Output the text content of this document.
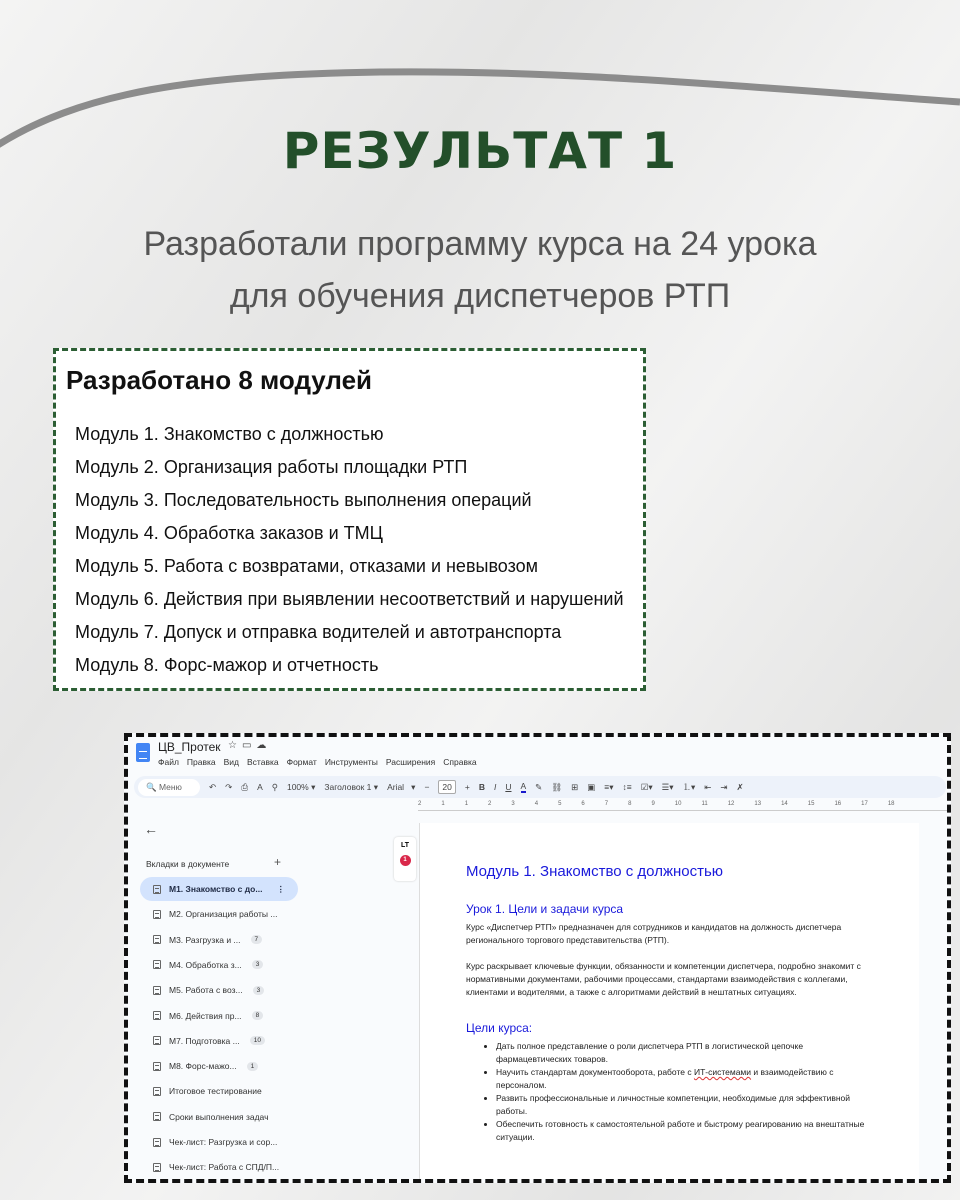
РЕЗУЛЬТАТ 1
Разработали программу курса на 24 урока
для обучения диспетчеров РТП
Разработано 8 модулей
Модуль 1. Знакомство с должностью
Модуль 2. Организация работы площадки РТП
Модуль 3. Последовательность выполнения операций
Модуль 4. Обработка заказов и ТМЦ
Модуль 5. Работа с возвратами, отказами и невывозом
Модуль 6. Действия при выявлении несоответствий и нарушений
Модуль 7. Допуск и отправка водителей и автотранспорта
Модуль 8. Форс-мажор и отчетность
ЦВ_Протек ☆▭☁
Файл Правка Вид Вставка Формат Инструменты Расширения Справка
🔍 Меню	↶ ↷ ⎙ A ⚲ 100% ▾ Заголовок 1 ▾ Arial   ▾ −	20	+ B I U A ✎ ⛓ ⊞ ▣ ≡▾ ↕≡ ☑▾ ☰▾ ⒈▾ ⇤ ⇥ ✗
2	1	1	2	3	4	5	6	7	8	9	10	11	12	13	14	15	16	17	18
←
Вкладки в документе	+
M1. Знакомство с до... ⋮
M2. Организация работы ...
M3. Разгрузка и ...	7
M4. Обработка з...	3
M5. Работа с воз...	3
M6. Действия пр...	8
M7. Подготовка ...	10
M8. Форс-мажо...	1
Итоговое тестирование
Сроки выполнения задач
Чек-лист: Разгрузка и сор...
Чек-лист: Работа с СПД/П...
LT
1
Модуль 1. Знакомство с должностью
Урок 1. Цели и задачи курса

Курс «Диспетчер РТП» предназначен для сотрудников и кандидатов на должность диспетчера регионального торгового представительства (РТП).

Курс раскрывает ключевые функции, обязанности и компетенции диспетчера, подробно знакомит с нормативными документами, рабочими процессами, стандартами взаимодействия с коллегами, клиентами и водителями, а также с алгоритмами действий в нештатных ситуациях.

Цели курса:
• Дать полное представление о роли диспетчера РТП в логистической цепочке фармацевтических товаров.
• Научить стандартам документооборота, работе с ИТ-системами и взаимодействию с персоналом.
• Развить профессиональные и личностные компетенции, необходимые для эффективной работы.
• Обеспечить готовность к самостоятельной работе и быстрому реагированию на внештатные ситуации.
